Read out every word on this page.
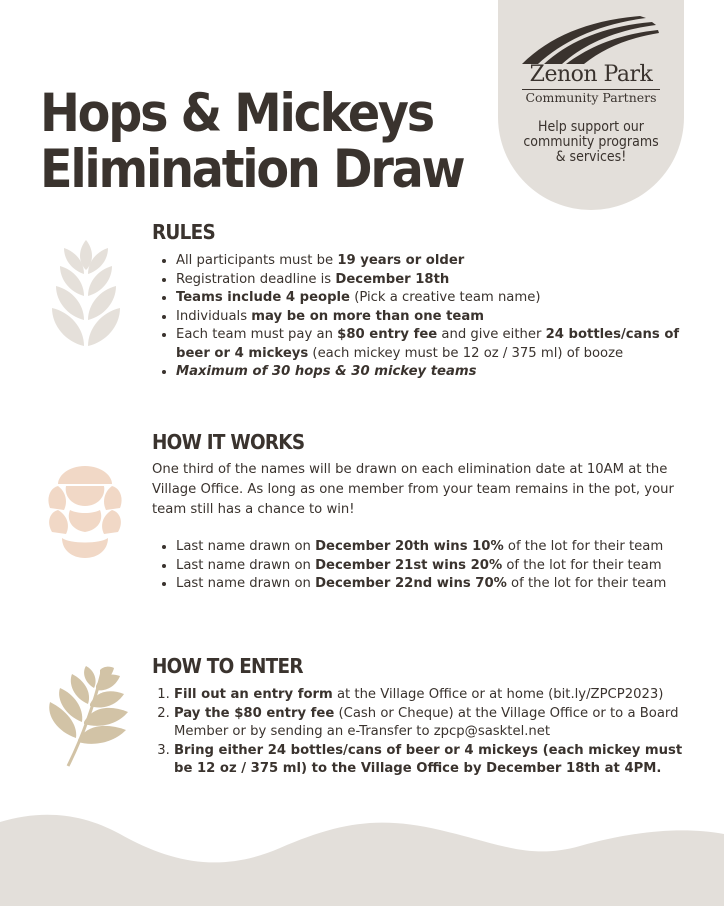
Zenon Park
Community Partners
Help support our community programs & services!
Hops & Mickeys
Elimination Draw
RULES
• All participants must be 19 years or older
• Registration deadline is December 18th
• Teams include 4 people (Pick a creative team name)
• Individuals may be on more than one team
• Each team must pay an $80 entry fee and give either 24 bottles/cans of beer or 4 mickeys (each mickey must be 12 oz / 375 ml) of booze
• Maximum of 30 hops & 30 mickey teams
HOW IT WORKS

One third of the names will be drawn on each elimination date at 10AM at the Village Office. As long as one member from your team remains in the pot, your team still has a chance to win!

• Last name drawn on December 20th wins 10% of the lot for their team
• Last name drawn on December 21st wins 20% of the lot for their team
• Last name drawn on December 22nd wins 70% of the lot for their team
HOW TO ENTER
1. Fill out an entry form at the Village Office or at home (bit.ly/ZPCP2023)
2. Pay the $80 entry fee (Cash or Cheque) at the Village Office or to a Board Member or by sending an e-Transfer to zpcp@sasktel.net
3. Bring either 24 bottles/cans of beer or 4 mickeys (each mickey must be 12 oz / 375 ml) to the Village Office by December 18th at 4PM.
